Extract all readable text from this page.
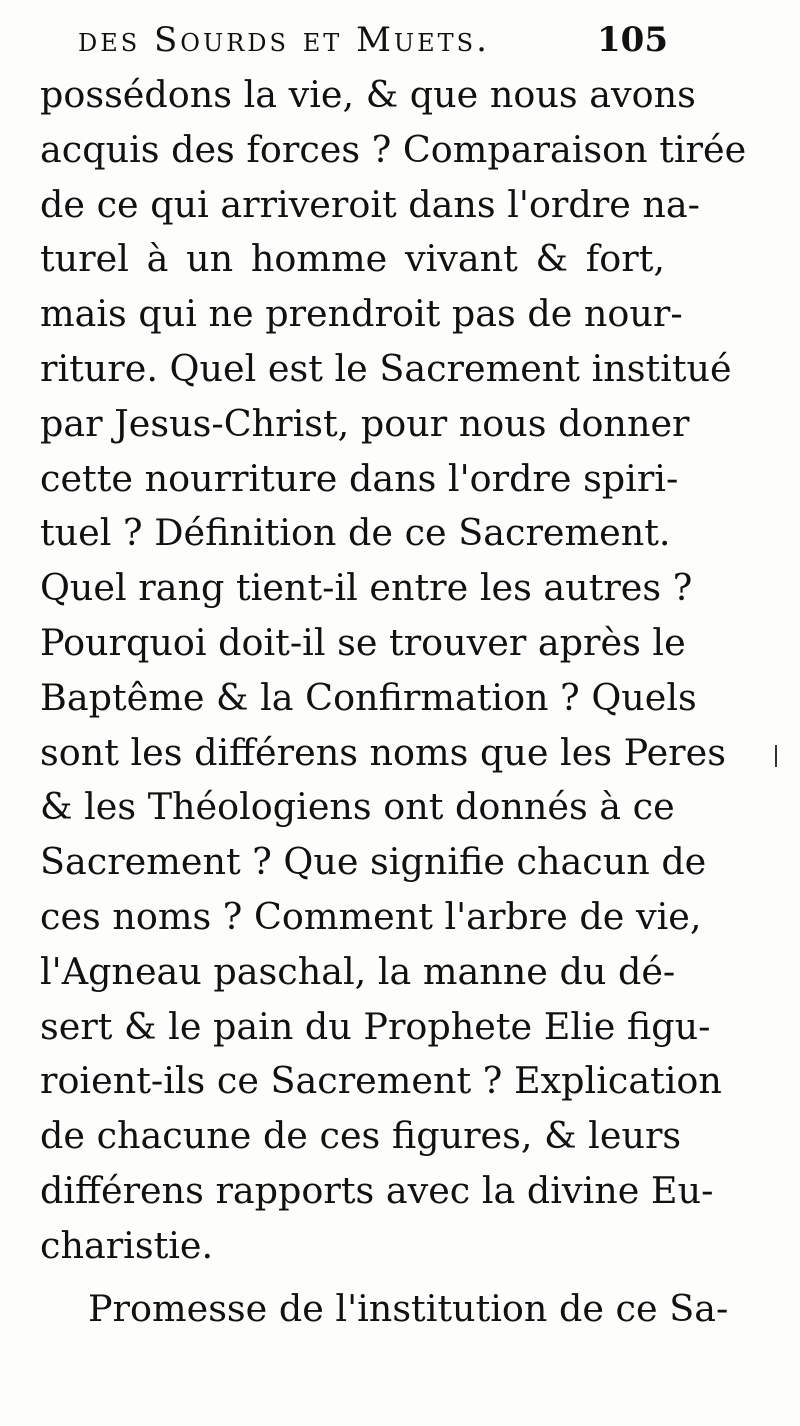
des Sourds et Muets.	105
possédons la vie, & que nous avons
acquis des forces ? Comparaison tirée
de ce qui arriveroit dans l'ordre na-
turel à un homme vivant & fort,
mais qui ne prendroit pas de nour-
riture. Quel est le Sacrement institué
par Jesus-Christ, pour nous donner
cette nourriture dans l'ordre spiri-
tuel ? Définition de ce Sacrement.
Quel rang tient-il entre les autres ?
Pourquoi doit-il se trouver après le
Baptême & la Confirmation ? Quels
sont les différens noms que les Peres
& les Théologiens ont donnés à ce
Sacrement ? Que signifie chacun de
ces noms ? Comment l'arbre de vie,
l'Agneau paschal, la manne du dé-
sert & le pain du Prophete Elie figu-
roient-ils ce Sacrement ? Explication
de chacune de ces figures, & leurs
différens rapports avec la divine Eu-
charistie.
Promesse de l'institution de ce Sa-
